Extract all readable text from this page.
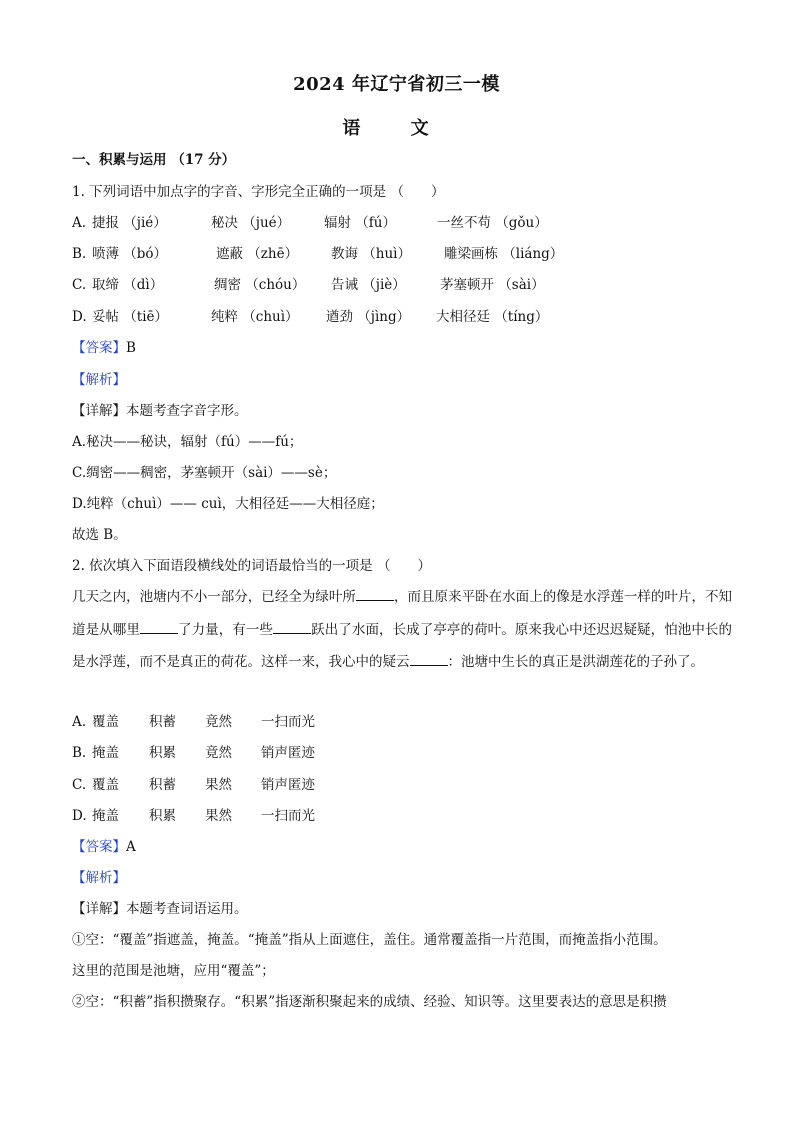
2024 年辽宁省初三一模
语 文
一、积累与运用 （17 分）
1. 下列词语中加点字的字音、字形完全正确的一项是 （　　）
A. 捷报 （jié）	秘决 （jué）	辐射 （fú）	一丝不苟 （gǒu）
B. 喷薄 （bó）	遮蔽 （zhē） 教诲 （huì） 雕梁画栋 （liáng）
C. 取缔 （dì）	绸密 （chóu） 告诫 （jiè）	茅塞顿开 （sài）
D. 妥帖 （tiē）	纯粹 （chuì） 遒劲 （jìng） 大相径廷 （tíng）
【答案】B
【解析】
【详解】本题考查字音字形。
A.秘决——秘诀，辐射（fú）——fú；
C.绸密——稠密，茅塞顿开（sài）——sè；
D.纯粹（chuì）—— cuì，大相径廷——大相径庭；
故选 B。
2. 依次填入下面语段横线处的词语最恰当的一项是 （　　）
几天之内，池塘内不小一部分，已经全为绿叶所	，而且原来平卧在水面上的像是水浮莲一样的叶片，不知道是从哪里	了力量，有一些	跃出了水面，长成了亭亭的荷叶。原来我心中还迟迟疑疑，怕池中长的是水浮莲，而不是真正的荷花。这样一来，我心中的疑云	：池塘中生长的真正是洪湖莲花的子孙了。
A. 覆盖 积蓄 竟然 一扫而光
B. 掩盖 积累 竟然 销声匿迹
C. 覆盖 积蓄 果然 销声匿迹
D. 掩盖 积累 果然 一扫而光
【答案】A
【解析】
【详解】本题考查词语运用。
①空：“覆盖”指遮盖，掩盖。“掩盖”指从上面遮住，盖住。通常覆盖指一片范围，而掩盖指小范围。
这里的范围是池塘，应用“覆盖”；
②空：“积蓄”指积攒聚存。“积累”指逐渐积聚起来的成绩、经验、知识等。这里要表达的意思是积攒
